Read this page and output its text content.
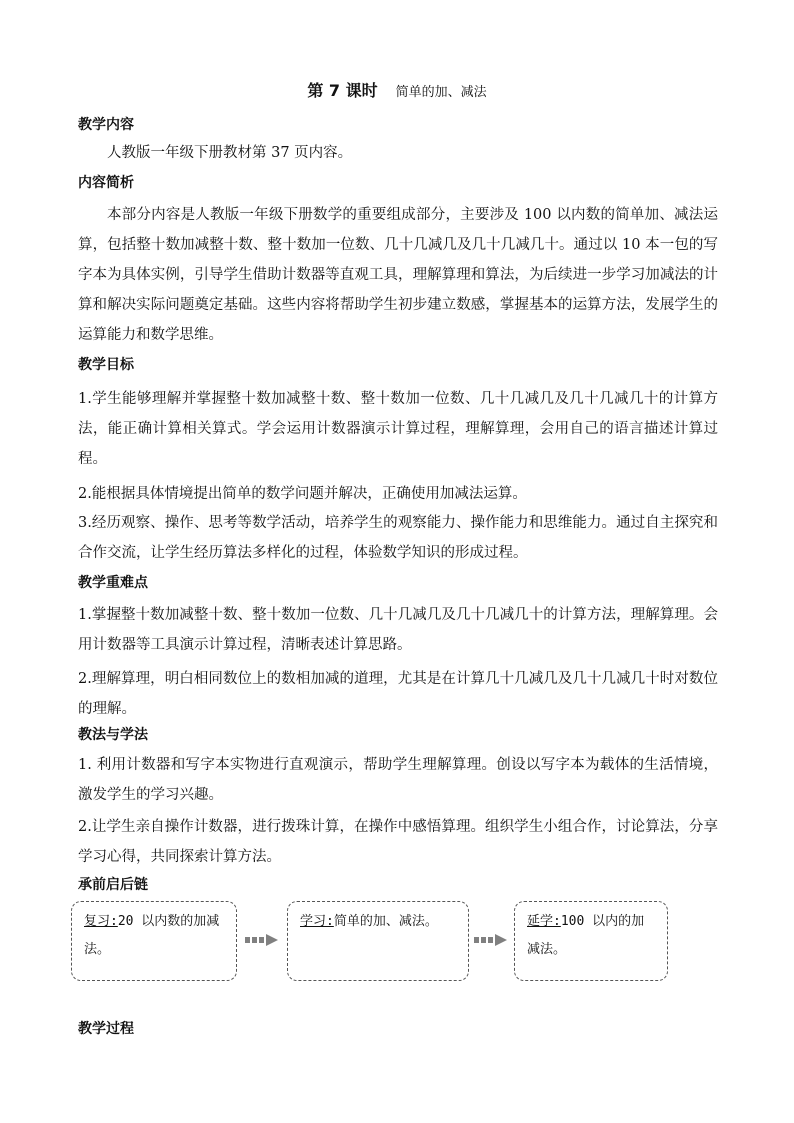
第 7 课时 简单的加、减法
教学内容

人教版一年级下册教材第 37 页内容。

内容简析

本部分内容是人教版一年级下册数学的重要组成部分，主要涉及 100 以内数的简单加、减法运算，包括整十数加减整十数、整十数加一位数、几十几减几及几十几减几十。通过以 10 本一包的写字本为具体实例，引导学生借助计数器等直观工具，理解算理和算法，为后续进一步学习加减法的计算和解决实际问题奠定基础。这些内容将帮助学生初步建立数感，掌握基本的运算方法，发展学生的运算能力和数学思维。

教学目标

1.学生能够理解并掌握整十数加减整十数、整十数加一位数、几十几减几及几十几减几十的计算方法，能正确计算相关算式。学会运用计数器演示计算过程，理解算理，会用自己的语言描述计算过程。

2.能根据具体情境提出简单的数学问题并解决，正确使用加减法运算。

3.经历观察、操作、思考等数学活动，培养学生的观察能力、操作能力和思维能力。通过自主探究和合作交流，让学生经历算法多样化的过程，体验数学知识的形成过程。

教学重难点

1.掌握整十数加减整十数、整十数加一位数、几十几减几及几十几减几十的计算方法，理解算理。会用计数器等工具演示计算过程，清晰表述计算思路。

2.理解算理，明白相同数位上的数相加减的道理，尤其是在计算几十几减几及几十几减几十时对数位的理解。

教法与学法

1. 利用计数器和写字本实物进行直观演示，帮助学生理解算理。创设以写字本为载体的生活情境，激发学生的学习兴趣。

2.让学生亲自操作计数器，进行拨珠计算，在操作中感悟算理。组织学生小组合作，讨论算法，分享学习心得，共同探索计算方法。

承前启后链
复习:20 以内数的加减法。
学习:简单的加、减法。	延学:100 以内的加减法。
教学过程
